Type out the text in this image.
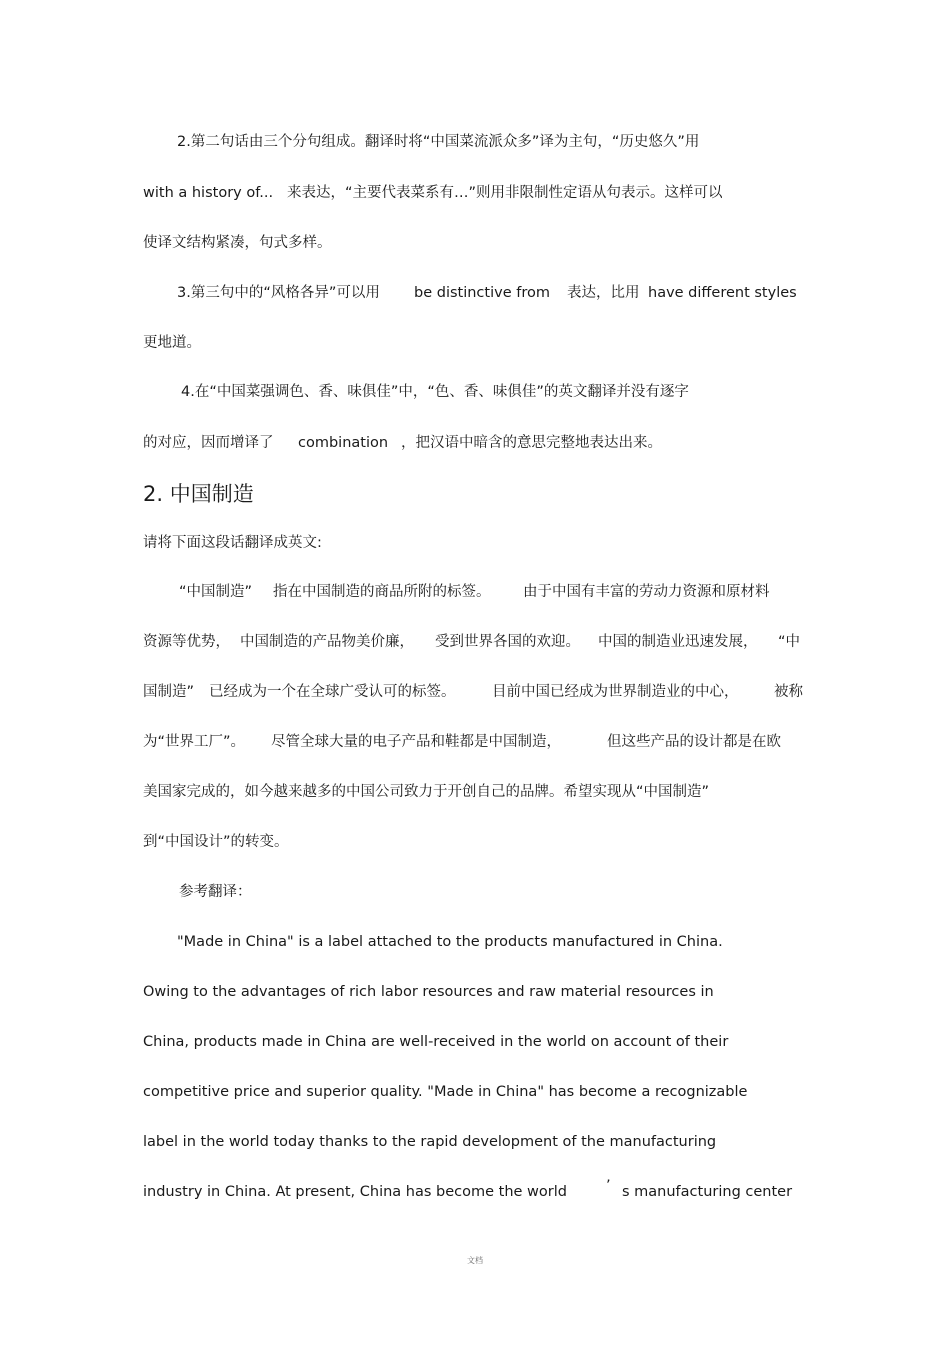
2.第二句话由三个分句组成。翻译时将“中国菜流派众多”译为主句，“历史悠久”用
with a history of... 来表达，“主要代表菜系有…”则用非限制性定语从句表示。这样可以
使译文结构紧凑，句式多样。
3.第三句中的“风格各异”可以用 be distinctive from 表达，比用 have different styles
更地道。
4.在“中国菜强调色、香、味俱佳”中，“色、香、味俱佳”的英文翻译并没有逐字
的对应，因而增译了 combination ，把汉语中暗含的意思完整地表达出来。
2. 中国制造
请将下面这段话翻译成英文:
“中国制造” 指在中国制造的商品所附的标签。 由于中国有丰富的劳动力资源和原材料
资源等优势， 中国制造的产品物美价廉， 受到世界各国的欢迎。 中国的制造业迅速发展， “中
国制造” 已经成为一个在全球广受认可的标签。	目前中国已经成为世界制造业的中心， 被称
为“世界工厂”。 尽管全球大量的电子产品和鞋都是中国制造，	但这些产品的设计都是在欧
美国家完成的，如今越来越多的中国公司致力于开创自己的品牌。希望实现从“中国制造”
到“中国设计”的转变。
参考翻译：
"Made in China" is a label attached to the products manufactured in China.
Owing to the advantages of rich labor resources and raw material resources in
China, products made in China are well-received in the world on account of their
competitive price and superior quality. "Made in China" has become a recognizable
label in the world today thanks to the rapid development of the manufacturing
industry in China. At present, China has become the world	’ s manufacturing center
文档
